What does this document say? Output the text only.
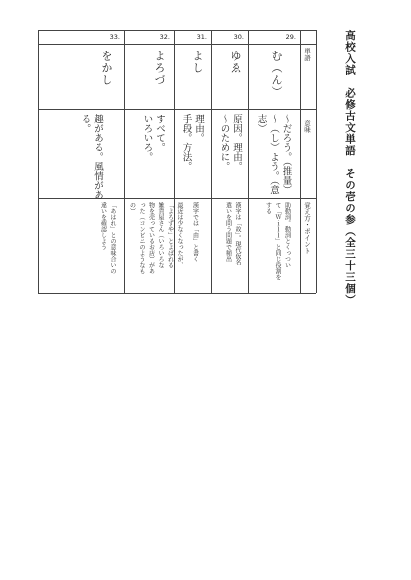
高校入試　必修古文単語　その壱の参（全三十三個）
単語
意味
覚え方・ポイント
29.
む（ん）
～だろう。（推量）
～（し）よう。（意
志）
助動詞。動詞とくっつい
て「Ｗｉｌｌ」と同じ役割を
する
30.
ゆゑ
原因。理由。
～のために。
漢字は「故」。現代仮名
遣いを問う問題で頻出
31.
よし
理由。
手段。方法。
漢字では「由」と書く
32.
よろづ
すべて。
いろいろ。
最近は少なくなったが、
「よろずや」とよばれる
雑貨屋さん（いろいろな
物を売っているお店）があ
った（コンビニのようなも
の）
33.
をかし
趣がある。風情があ
る。
「あはれ」との意味合いの
違いを確認しよう
